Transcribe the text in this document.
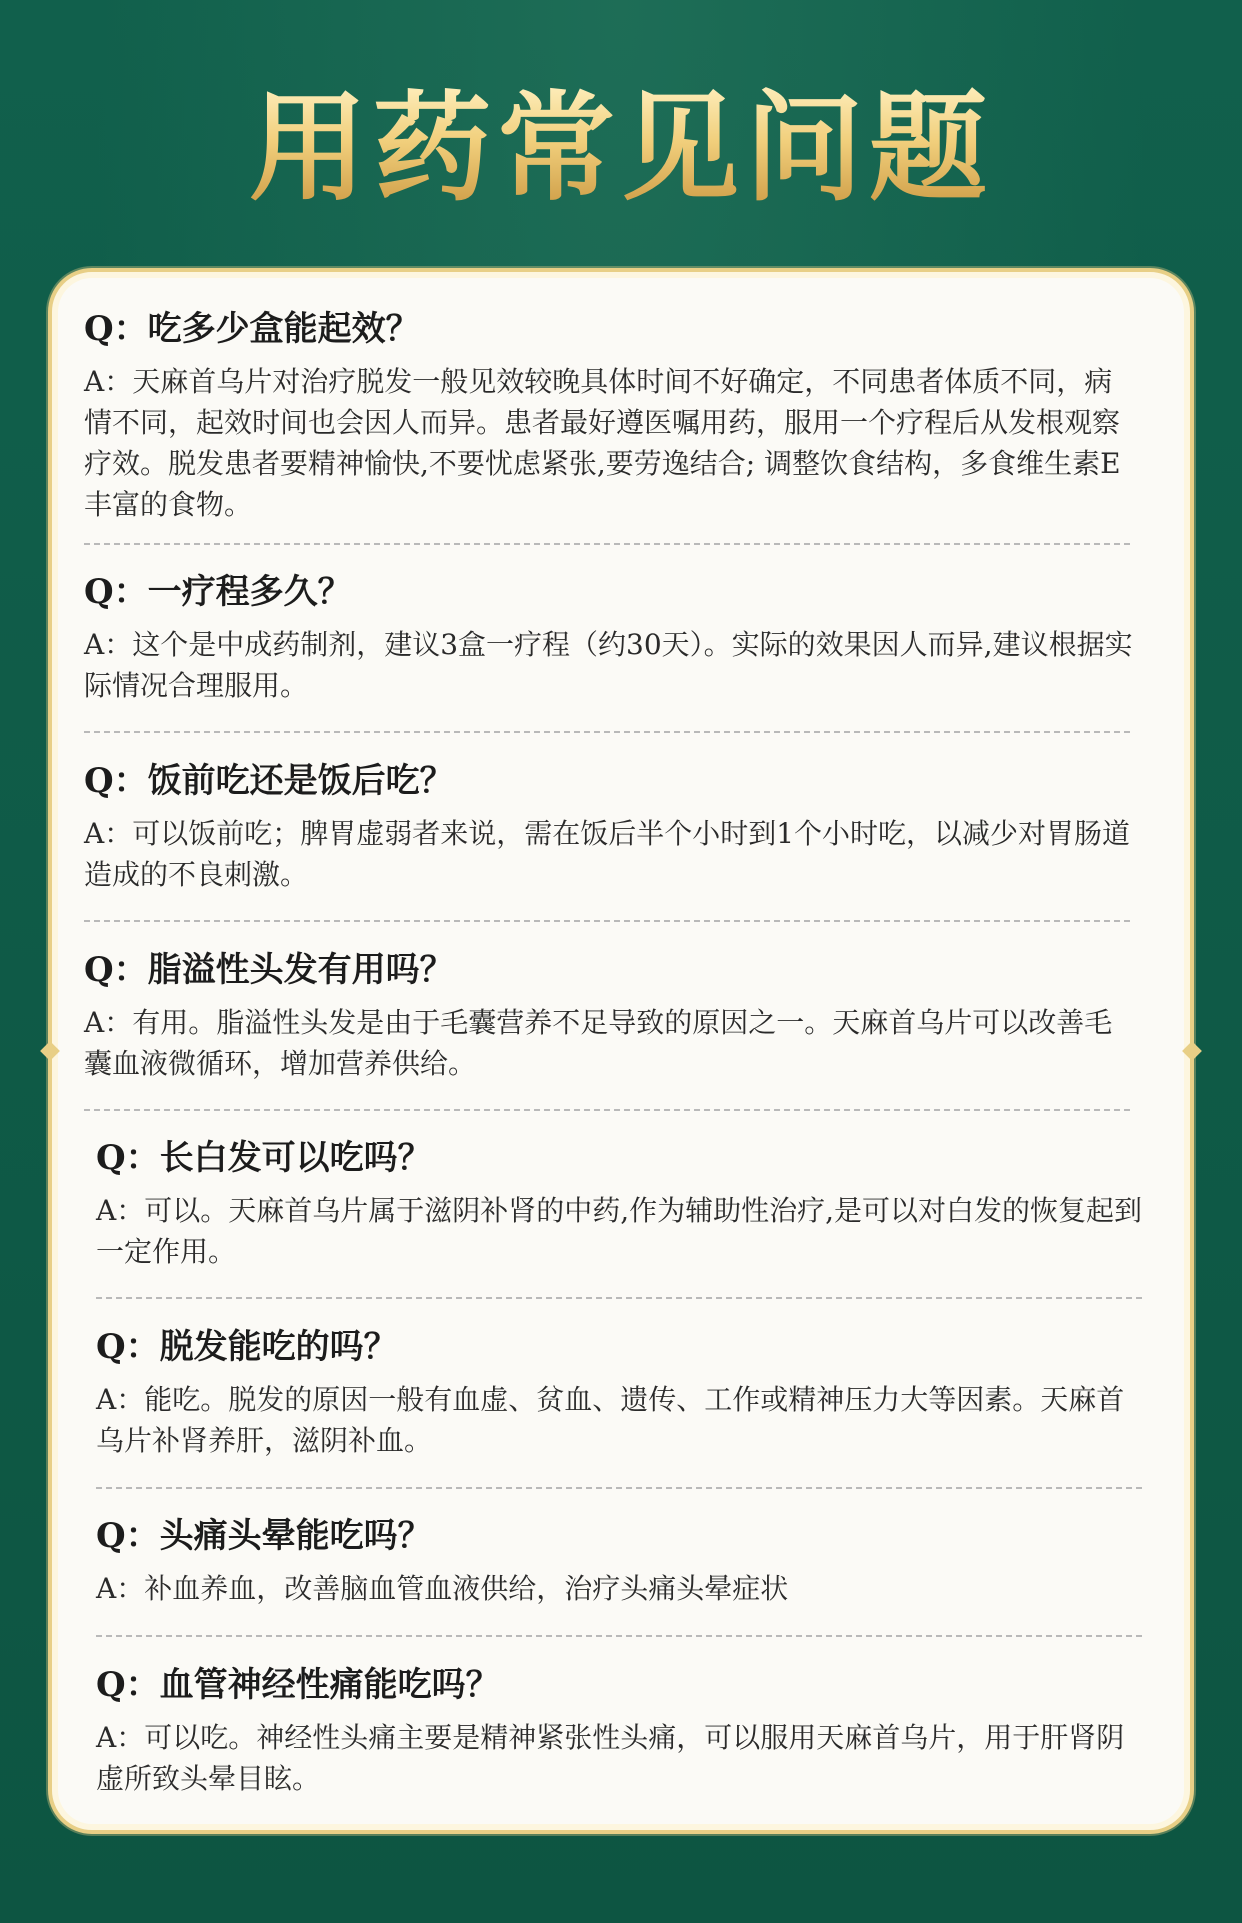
用药常见问题
Q：吃多少盒能起效？
A：天麻首乌片对治疗脱发一般见效较晚具体时间不好确定，不同患者体质不同，病情不同，起效时间也会因人而异。患者最好遵医嘱用药，服用一个疗程后从发根观察疗效。脱发患者要精神愉快,不要忧虑紧张,要劳逸结合; 调整饮食结构，多食维生素E丰富的食物。
Q：一疗程多久？
A：这个是中成药制剂，建议3盒一疗程（约30天）。实际的效果因人而异,建议根据实际情况合理服用。
Q：饭前吃还是饭后吃？
A：可以饭前吃；脾胃虚弱者来说，需在饭后半个小时到1个小时吃，以减少对胃肠道造成的不良刺激。
Q：脂溢性头发有用吗？
A：有用。脂溢性头发是由于毛囊营养不足导致的原因之一。天麻首乌片可以改善毛囊血液微循环，增加营养供给。
Q：长白发可以吃吗？
A：可以。天麻首乌片属于滋阴补肾的中药,作为辅助性治疗,是可以对白发的恢复起到一定作用。
Q：脱发能吃的吗？
A：能吃。脱发的原因一般有血虚、贫血、遗传、工作或精神压力大等因素。天麻首乌片补肾养肝，滋阴补血。
Q：头痛头晕能吃吗？
A：补血养血，改善脑血管血液供给，治疗头痛头晕症状
Q：血管神经性痛能吃吗？
A：可以吃。神经性头痛主要是精神紧张性头痛，可以服用天麻首乌片，用于肝肾阴虚所致头晕目眩。
